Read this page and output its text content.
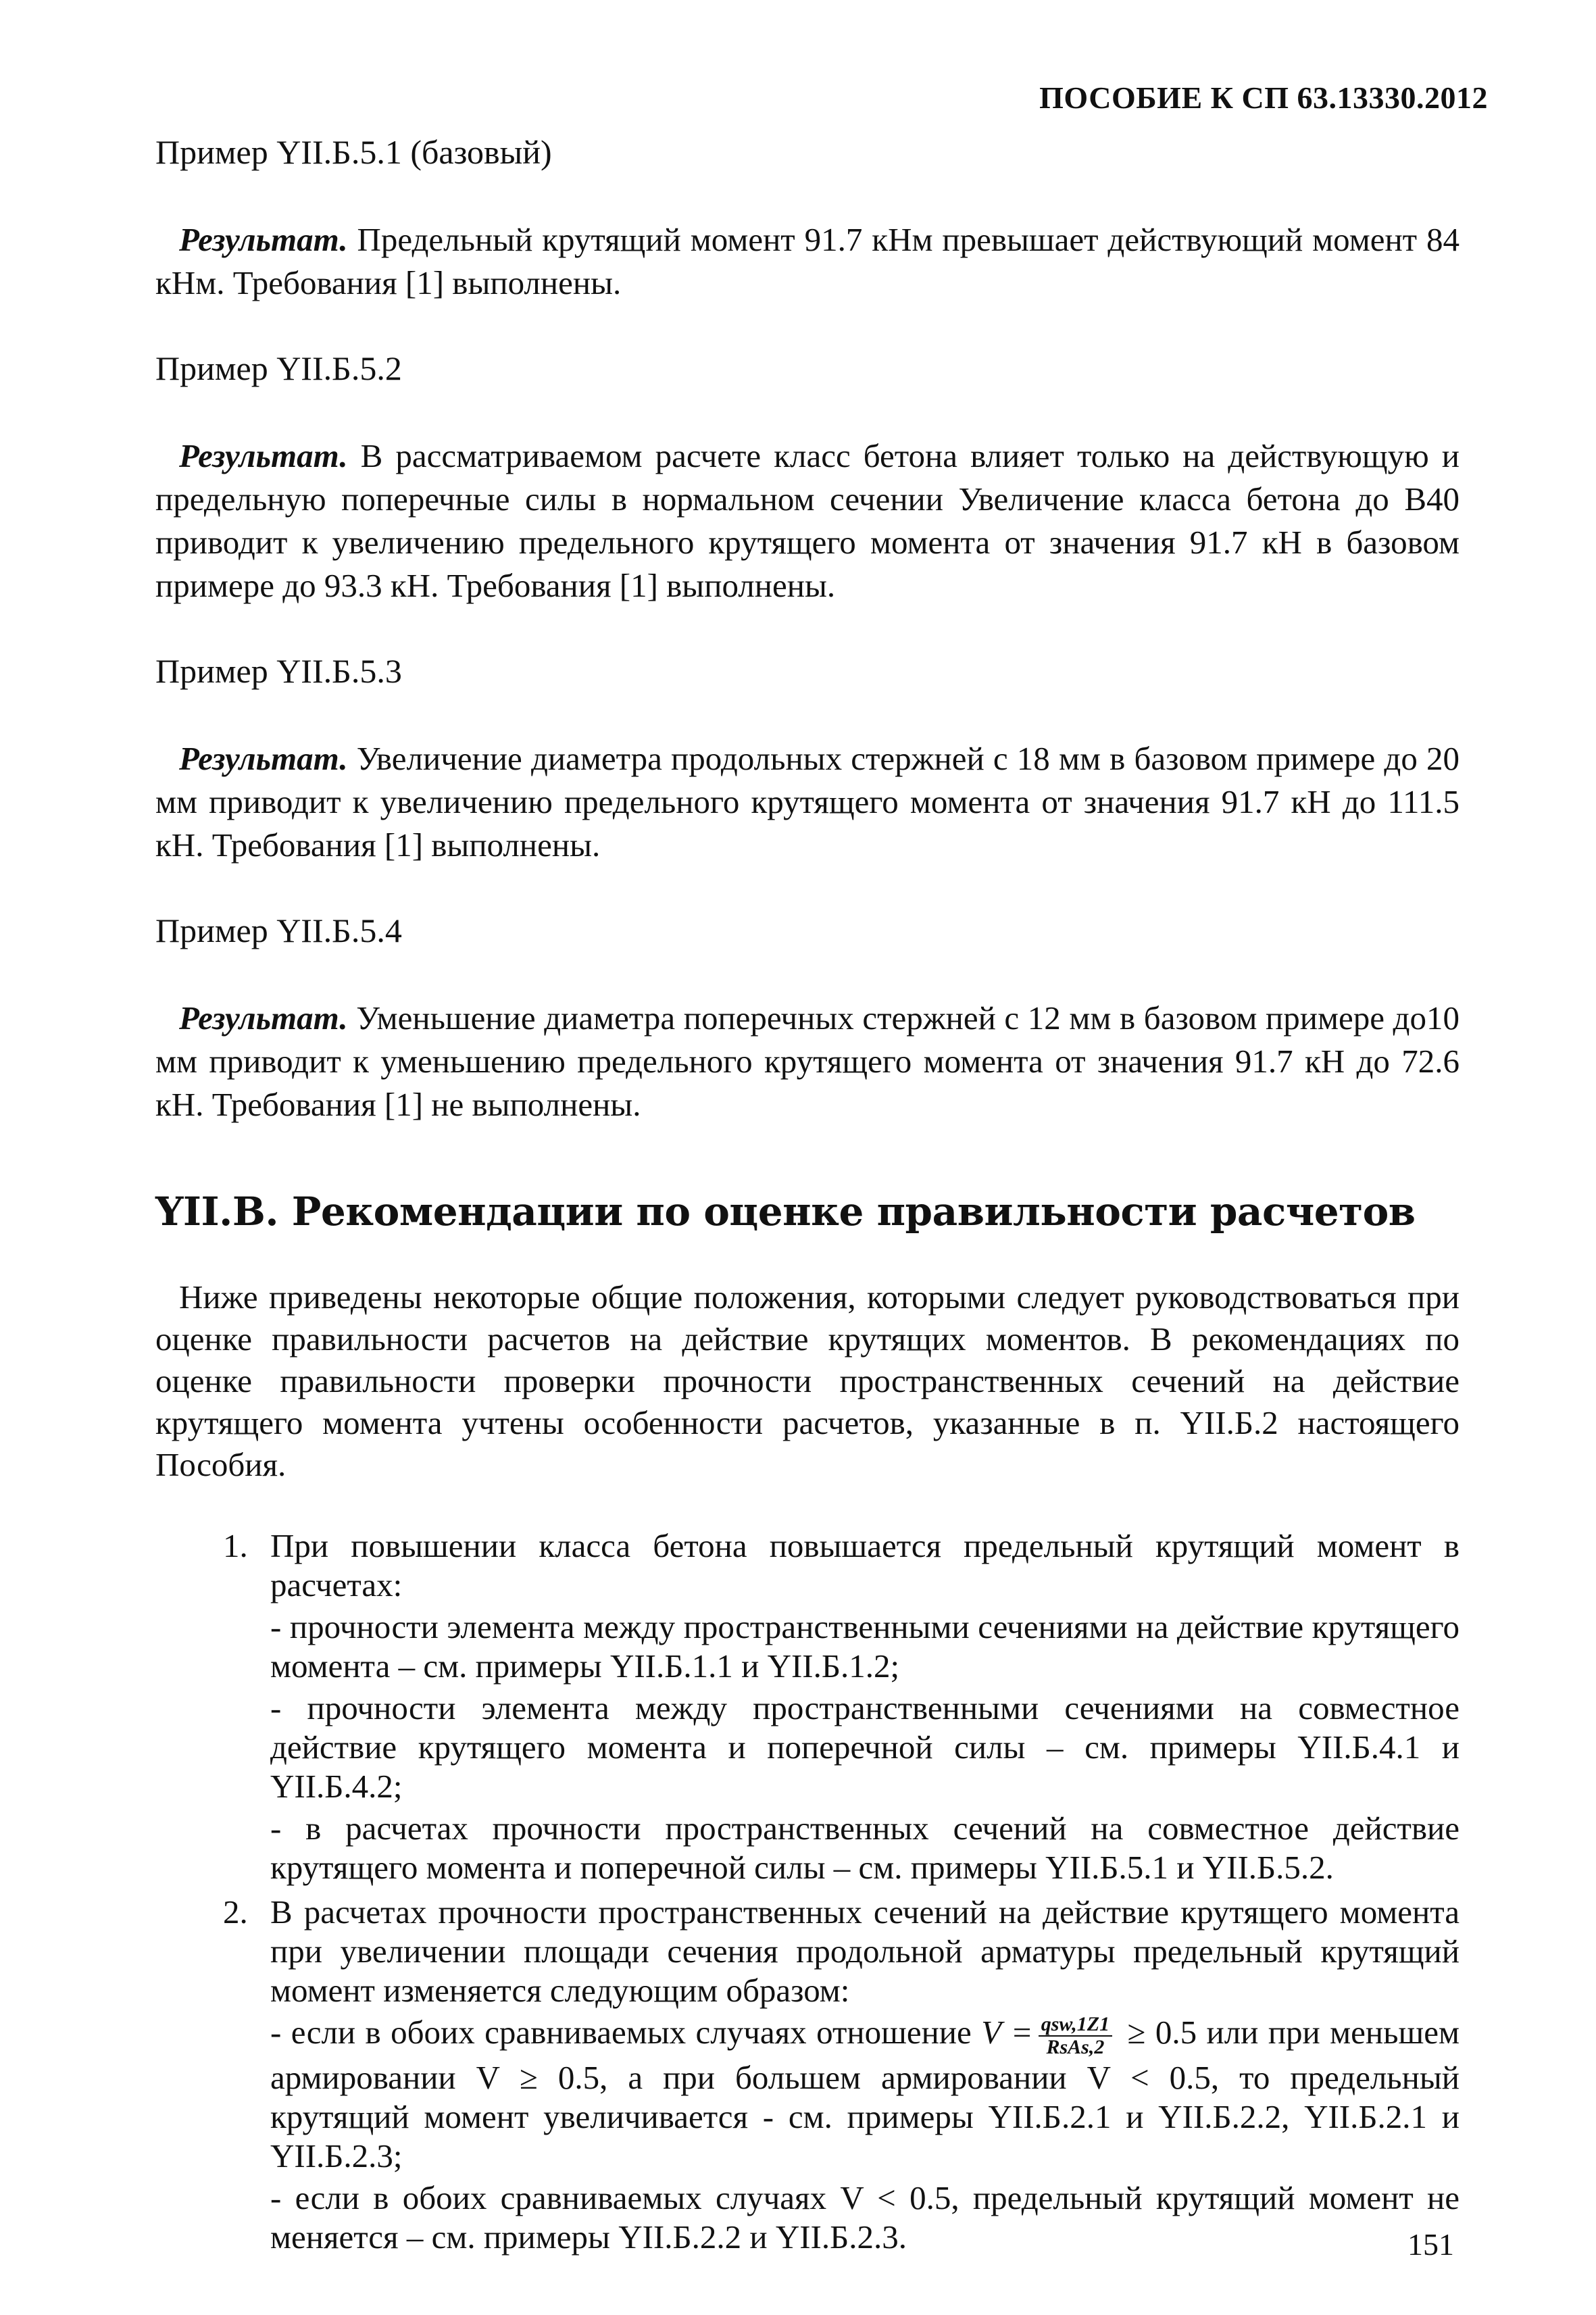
ПОСОБИЕ К СП 63.13330.2012
Пример YII.Б.5.1 (базовый)

Результат. Предельный крутящий момент 91.7 кНм превышает действующий момент 84 кНм. Требования [1] выполнены.

Пример YII.Б.5.2

Результат. В рассматриваемом расчете класс бетона влияет только на действующую и предельную поперечные силы в нормальном сечении Увеличение класса бетона до В40 приводит к увеличению предельного крутящего момента от значения 91.7 кН в базовом примере до 93.3 кН. Требования [1] выполнены.

Пример YII.Б.5.3

Результат. Увеличение диаметра продольных стержней с 18 мм в базовом примере до 20 мм приводит к увеличению предельного крутящего момента от значения 91.7 кН до 111.5 кН. Требования [1] выполнены.

Пример YII.Б.5.4

Результат. Уменьшение диаметра поперечных стержней с 12 мм в базовом примере до10 мм приводит к уменьшению предельного крутящего момента от значения 91.7 кН до 72.6 кН. Требования [1] не выполнены.

YII.В. Рекомендации по оценке правильности расчетов

Ниже приведены некоторые общие положения, которыми следует руководствоваться при оценке правильности расчетов на действие крутящих моментов. В рекомендациях по оценке правильности проверки прочности пространственных сечений на действие крутящего момента учтены особенности расчетов, указанные в п. YII.Б.2 настоящего Пособия.

1. При повышении класса бетона повышается предельный крутящий момент в расчетах:

- прочности элемента между пространственными сечениями на действие крутящего момента – см. примеры YII.Б.1.1 и YII.Б.1.2;

- прочности элемента между пространственными сечениями на совместное действие крутящего момента и поперечной силы – см. примеры YII.Б.4.1 и YII.Б.4.2;

- в расчетах прочности пространственных сечений на совместное действие крутящего момента и поперечной силы – см. примеры YII.Б.5.1 и YII.Б.5.2.

2. В расчетах прочности пространственных сечений на действие крутящего момента при увеличении площади сечения продольной арматуры предельный крутящий момент изменяется следующим образом:

- если в обоих сравниваемых случаях отношение $V = \frac{\text{qsw,1Z1}}{\text{RsAs,2}} \ge 0.5$ или при меньшем армировании V ≥ 0.5, а при большем армировании V < 0.5, то предельный крутящий момент увеличивается - см. примеры YII.Б.2.1 и YII.Б.2.2, YII.Б.2.1 и YII.Б.2.3;

- если в обоих сравниваемых случаях V < 0.5, предельный крутящий момент не меняется – см. примеры YII.Б.2.2 и YII.Б.2.3.	151
